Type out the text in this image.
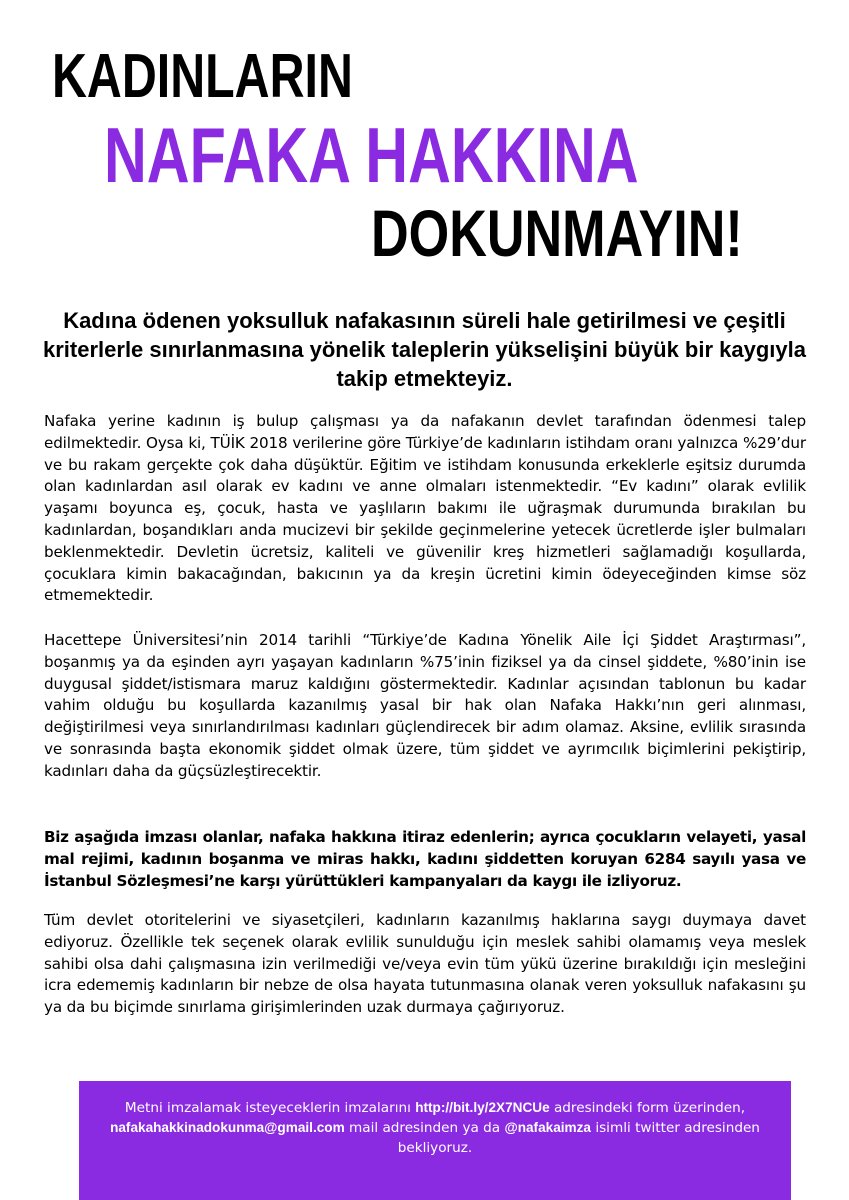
KADINLARIN
NAFAKA HAKKINA
DOKUNMAYIN!
Kadına ödenen yoksulluk nafakasının süreli hale getirilmesi ve çeşitli kriterlerle sınırlanmasına yönelik taleplerin yükselişini büyük bir kaygıyla takip etmekteyiz.

Nafaka yerine kadının iş bulup çalışması ya da nafakanın devlet tarafından ödenmesi talep edilmektedir. Oysa ki, TÜİK 2018 verilerine göre Türkiye’de kadınların istihdam oranı yalnızca %29’dur ve bu rakam gerçekte çok daha düşüktür. Eğitim ve istihdam konusunda erkeklerle eşitsiz durumda olan kadınlardan asıl olarak ev kadını ve anne olmaları istenmektedir. “Ev kadını” olarak evlilik yaşamı boyunca eş, çocuk, hasta ve yaşlıların bakımı ile uğraşmak durumunda bırakılan bu kadınlardan, boşandıkları anda mucizevi bir şekilde geçinmelerine yetecek ücretlerde işler bulmaları beklenmektedir. Devletin ücretsiz, kaliteli ve güvenilir kreş hizmetleri sağlamadığı koşullarda, çocuklara kimin bakacağından, bakıcının ya da kreşin ücretini kimin ödeyeceğinden kimse söz etmemektedir.

Hacettepe Üniversitesi’nin 2014 tarihli “Türkiye’de Kadına Yönelik Aile İçi Şiddet Araştırması”, boşanmış ya da eşinden ayrı yaşayan kadınların %75’inin fiziksel ya da cinsel şiddete, %80’inin ise duygusal şiddet/istismara maruz kaldığını göstermektedir. Kadınlar açısından tablonun bu kadar vahim olduğu bu koşullarda kazanılmış yasal bir hak olan Nafaka Hakkı’nın geri alınması, değiştirilmesi veya sınırlandırılması kadınları güçlendirecek bir adım olamaz. Aksine, evlilik sırasında ve sonrasında başta ekonomik şiddet olmak üzere, tüm şiddet ve ayrımcılık biçimlerini pekiştirip, kadınları daha da güçsüzleştirecektir.

Biz aşağıda imzası olanlar, nafaka hakkına itiraz edenlerin; ayrıca çocukların velayeti, yasal mal rejimi, kadının boşanma ve miras hakkı, kadını şiddetten koruyan 6284 sayılı yasa ve İstanbul Sözleşmesi’ne karşı yürüttükleri kampanyaları da kaygı ile izliyoruz.

Tüm devlet otoritelerini ve siyasetçileri, kadınların kazanılmış haklarına saygı duymaya davet ediyoruz. Özellikle tek seçenek olarak evlilik sunulduğu için meslek sahibi olamamış veya meslek sahibi olsa dahi çalışmasına izin verilmediği ve/veya evin tüm yükü üzerine bırakıldığı için mesleğini icra edememiş kadınların bir nebze de olsa hayata tutunmasına olanak veren yoksulluk nafakasını şu ya da bu biçimde sınırlama girişimlerinden uzak durmaya çağırıyoruz.

Metni imzalamak isteyeceklerin imzalarını http://bit.ly/2X7NCUe adresindeki form üzerinden,
nafakahakkinadokunma@gmail.com mail adresinden ya da @nafakaimza isimli twitter adresinden bekliyoruz.
